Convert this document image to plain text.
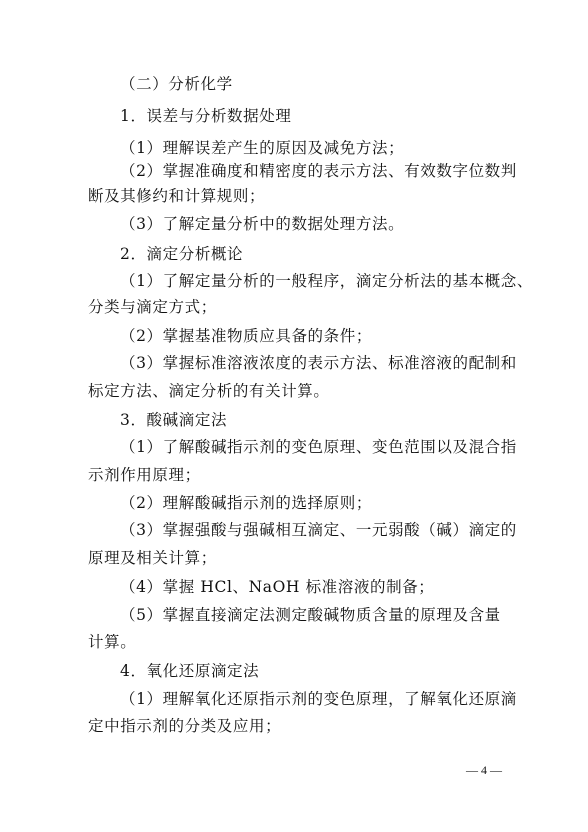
（二）分析化学
1．误差与分析数据处理
（1）理解误差产生的原因及减免方法；
（2）掌握准确度和精密度的表示方法、有效数字位数判
断及其修约和计算规则；
（3）了解定量分析中的数据处理方法。
2．滴定分析概论
（1）了解定量分析的一般程序，滴定分析法的基本概念、
分类与滴定方式；
（2）掌握基准物质应具备的条件；
（3）掌握标准溶液浓度的表示方法、标准溶液的配制和
标定方法、滴定分析的有关计算。
3．酸碱滴定法
（1）了解酸碱指示剂的变色原理、变色范围以及混合指
示剂作用原理；
（2）理解酸碱指示剂的选择原则；
（3）掌握强酸与强碱相互滴定、一元弱酸（碱）滴定的
原理及相关计算；
（4）掌握 HCl、NaOH 标准溶液的制备；
（5）掌握直接滴定法测定酸碱物质含量的原理及含量
计算。
4．氧化还原滴定法
（1）理解氧化还原指示剂的变色原理，了解氧化还原滴
定中指示剂的分类及应用；
— 4 —
